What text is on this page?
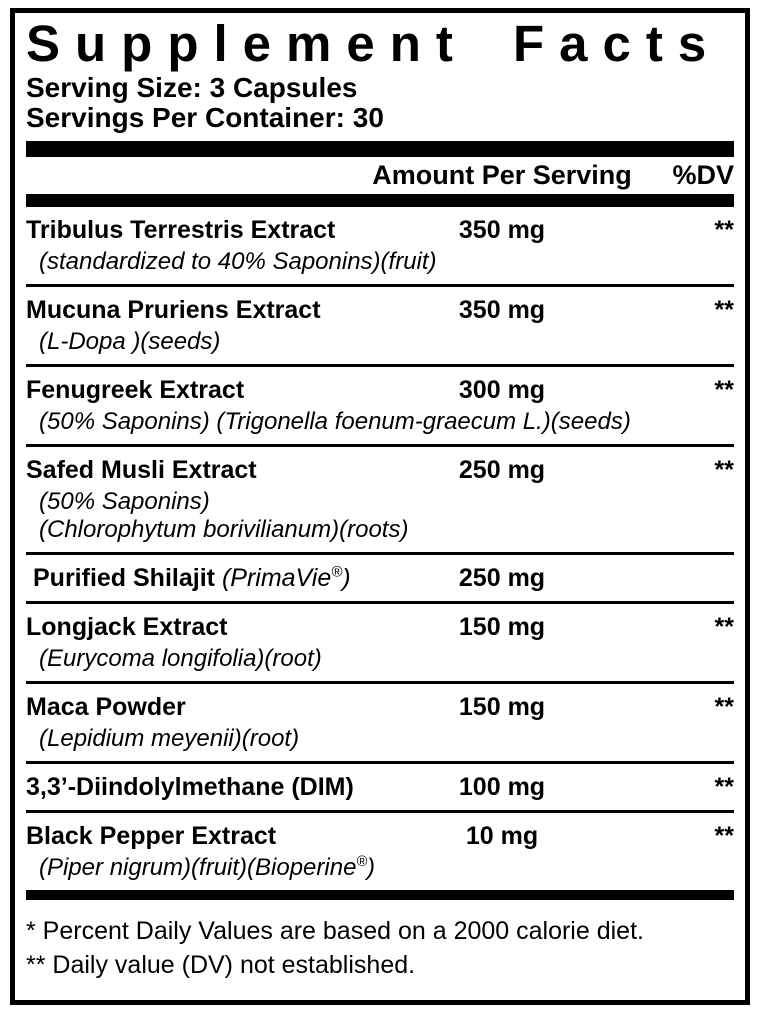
Supplement Facts
Serving Size: 3 Capsules
Servings Per Container: 30
Amount Per Serving %DV
Tribulus Terrestris Extract	350 mg	**
(standardized to 40% Saponins)(fruit)
Mucuna Pruriens Extract	350 mg	**
(L-Dopa )(seeds)
Fenugreek Extract	300 mg	**
(50% Saponins) (Trigonella foenum-graecum L.)(seeds)
Safed Musli Extract	250 mg	**
(50% Saponins)
(Chlorophytum borivilianum)(roots)
Purified Shilajit (PrimaVie®)	250 mg
Longjack Extract	150 mg	**
(Eurycoma longifolia)(root)
Maca Powder	150 mg	**
(Lepidium meyenii)(root)
3,3’-Diindolylmethane (DIM)	100 mg	**
Black Pepper Extract	10 mg	**
(Piper nigrum)(fruit)(Bioperine®)
* Percent Daily Values are based on a 2000 calorie diet.
** Daily value (DV) not established.
